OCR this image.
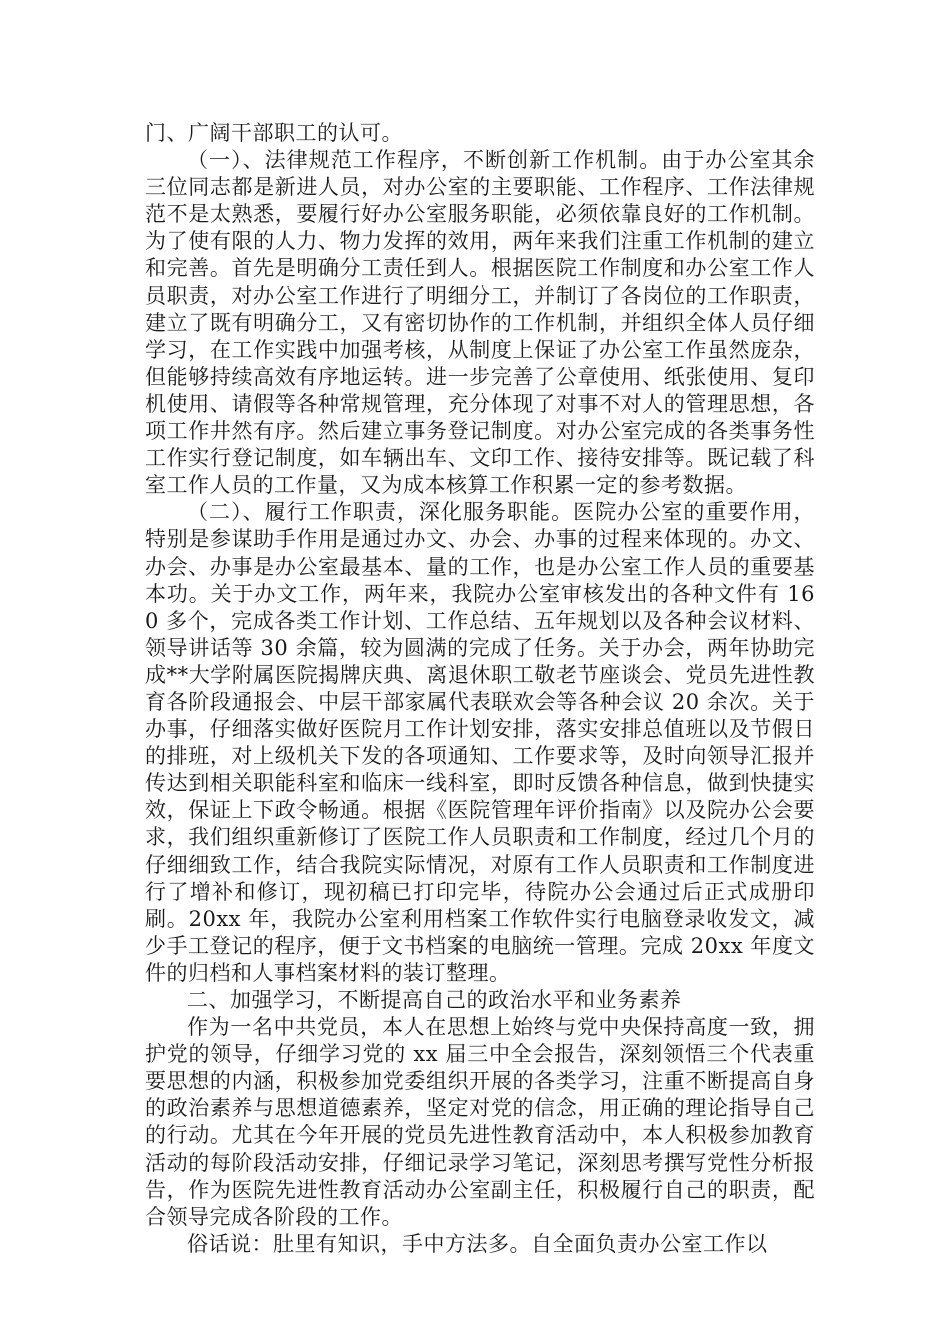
门、广阔干部职工的认可。

（一）、法律规范工作程序，不断创新工作机制。由于办公室其余三位同志都是新进人员，对办公室的主要职能、工作程序、工作法律规范不是太熟悉，要履行好办公室服务职能，必须依靠良好的工作机制。为了使有限的人力、物力发挥的效用，两年来我们注重工作机制的建立和完善。首先是明确分工责任到人。根据医院工作制度和办公室工作人员职责，对办公室工作进行了明细分工，并制订了各岗位的工作职责，建立了既有明确分工，又有密切协作的工作机制，并组织全体人员仔细学习，在工作实践中加强考核，从制度上保证了办公室工作虽然庞杂，但能够持续高效有序地运转。进一步完善了公章使用、纸张使用、复印机使用、请假等各种常规管理，充分体现了对事不对人的管理思想，各项工作井然有序。然后建立事务登记制度。对办公室完成的各类事务性工作实行登记制度，如车辆出车、文印工作、接待安排等。既记载了科室工作人员的工作量，又为成本核算工作积累一定的参考数据。

（二）、履行工作职责，深化服务职能。医院办公室的重要作用，特别是参谋助手作用是通过办文、办会、办事的过程来体现的。办文、办会、办事是办公室最基本、量的工作，也是办公室工作人员的重要基本功。关于办文工作，两年来，我院办公室审核发出的各种文件有 160 多个，完成各类工作计划、工作总结、五年规划以及各种会议材料、领导讲话等 30 余篇，较为圆满的完成了任务。关于办会，两年协助完成**大学附属医院揭牌庆典、离退休职工敬老节座谈会、党员先进性教育各阶段通报会、中层干部家属代表联欢会等各种会议 20 余次。关于办事，仔细落实做好医院月工作计划安排，落实安排总值班以及节假日的排班，对上级机关下发的各项通知、工作要求等，及时向领导汇报并传达到相关职能科室和临床一线科室，即时反馈各种信息，做到快捷实效，保证上下政令畅通。根据《医院管理年评价指南》以及院办公会要求，我们组织重新修订了医院工作人员职责和工作制度，经过几个月的仔细细致工作，结合我院实际情况，对原有工作人员职责和工作制度进行了增补和修订，现初稿已打印完毕，待院办公会通过后正式成册印刷。20xx 年，我院办公室利用档案工作软件实行电脑登录收发文，减少手工登记的程序，便于文书档案的电脑统一管理。完成 20xx 年度文件的归档和人事档案材料的装订整理。

二、加强学习，不断提高自己的政治水平和业务素养

作为一名中共党员，本人在思想上始终与党中央保持高度一致，拥护党的领导，仔细学习党的 xx 届三中全会报告，深刻领悟三个代表重要思想的内涵，积极参加党委组织开展的各类学习，注重不断提高自身的政治素养与思想道德素养，坚定对党的信念，用正确的理论指导自己的行动。尤其在今年开展的党员先进性教育活动中，本人积极参加教育活动的每阶段活动安排，仔细记录学习笔记，深刻思考撰写党性分析报告，作为医院先进性教育活动办公室副主任，积极履行自己的职责，配合领导完成各阶段的工作。

俗话说：肚里有知识，手中方法多。自全面负责办公室工作以
